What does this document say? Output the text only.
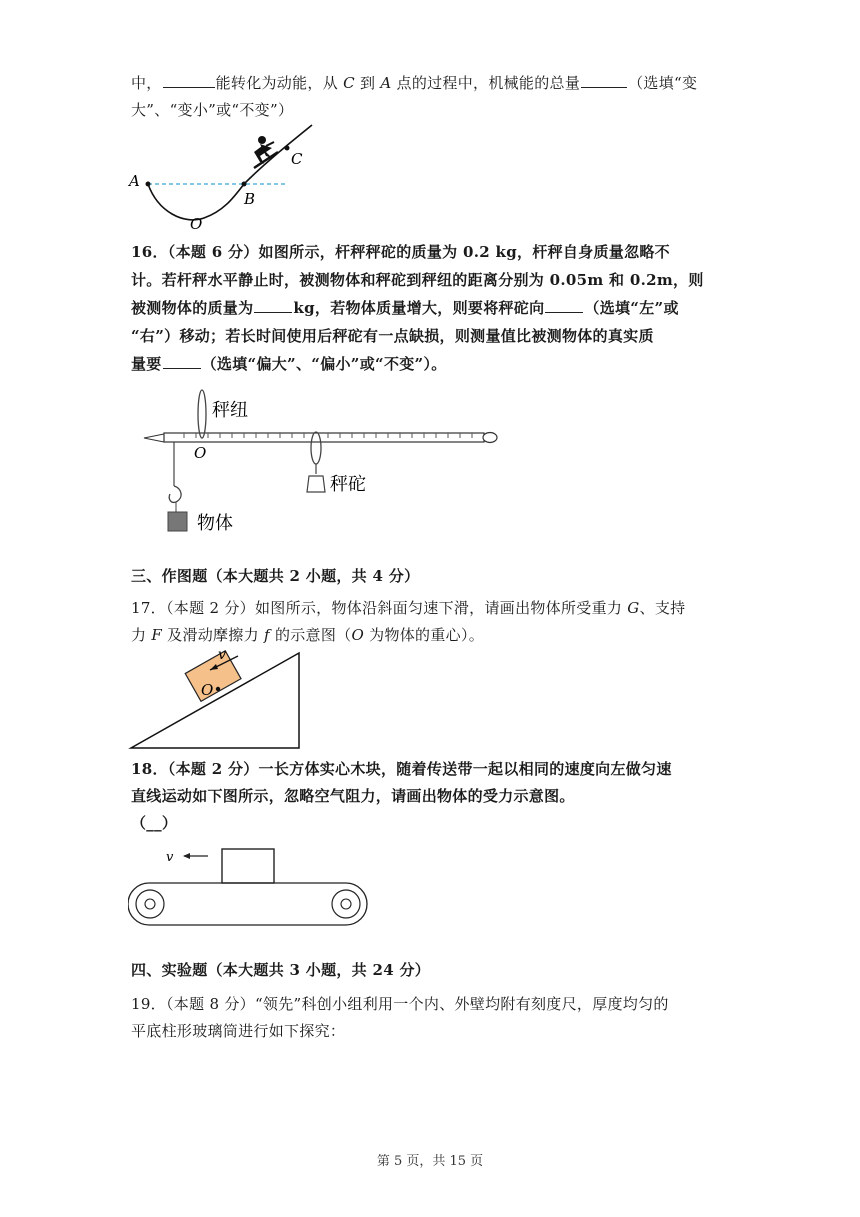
中，	能转化为动能，从 C 到 A 点的过程中，机械能的总量	（选填“变
大”、“变小”或“不变”）
A
O
B
C
16．（本题 6 分）如图所示，杆秤秤砣的质量为 0.2 kg，杆秤自身质量忽略不
计。若杆秤水平静止时，被测物体和秤砣到秤纽的距离分别为 0.05m 和 0.2m，则
被测物体的质量为	kg，若物体质量增大，则要将秤砣向	（选填“左”或
“右”）移动；若长时间使用后秤砣有一点缺损，则测量值比被测物体的真实质
量要	（选填“偏大”、“偏小”或“不变”）。
秤纽
O
物体
秤砣
三、作图题（本大题共 2 小题，共 4 分）
17．（本题 2 分）如图所示，物体沿斜面匀速下滑，请画出物体所受重力 G、支持
力 F 及滑动摩擦力 f 的示意图（O 为物体的重心）。
O
v
18．（本题 2 分）一长方体实心木块，随着传送带一起以相同的速度向左做匀速
直线运动如下图所示，忽略空气阻力，请画出物体的受力示意图。
（__）
v
四、实验题（本大题共 3 小题，共 24 分）
19．（本题 8 分）“领先”科创小组利用一个内、外壁均附有刻度尺，厚度均匀的
平底柱形玻璃筒进行如下探究：
第 5 页，共 15 页
